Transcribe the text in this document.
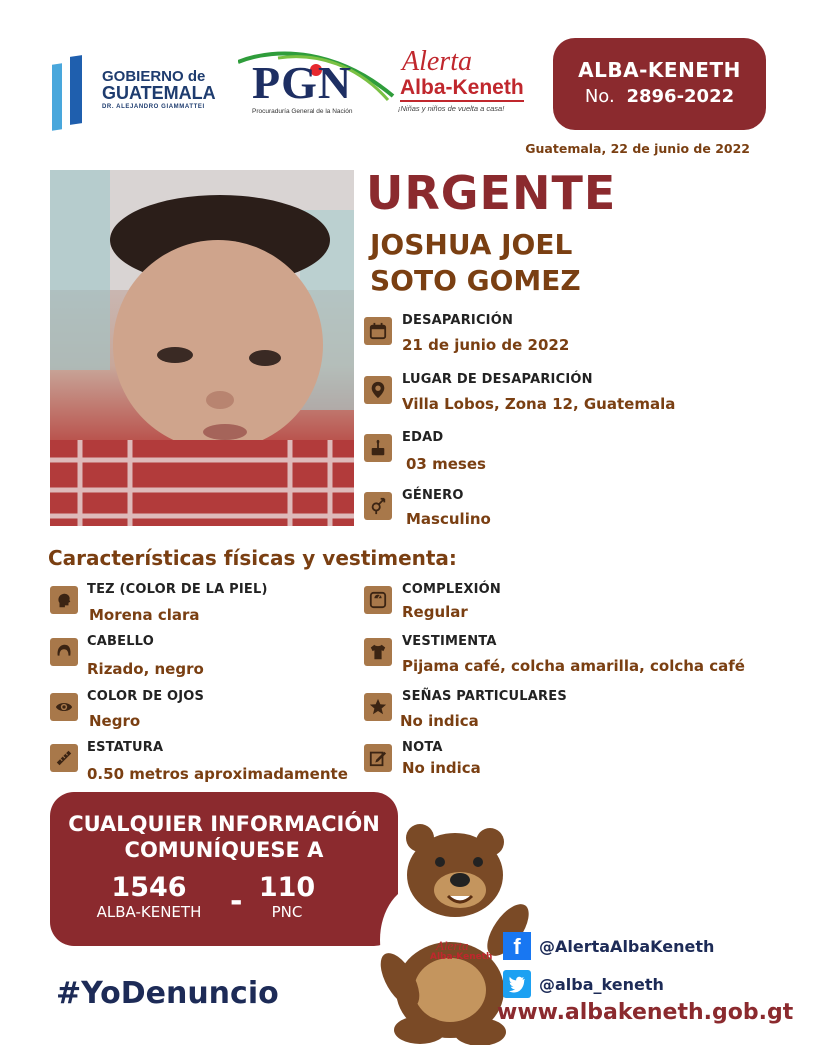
GOBIERNO de
GUATEMALA
DR. ALEJANDRO GIAMMATTEI PGN
Procuraduría General de la Nación
Alerta
Alba-Keneth
¡Niñas y niños de vuelta a casa!
ALBA-KENETH
No. 2896-2022
Guatemala, 22 de junio de 2022
URGENTE
JOSHUA JOEL
SOTO GOMEZ
DESAPARICIÓN
21 de junio de 2022
LUGAR DE DESAPARICIÓN
Villa Lobos, Zona 12, Guatemala
EDAD
03 meses
GÉNERO
Masculino
Características físicas y vestimenta:
TEZ (COLOR DE LA PIEL)
Morena clara
CABELLO
Rizado, negro
COLOR DE OJOS
Negro
ESTATURA
0.50 metros aproximadamente
COMPLEXIÓN
Regular
VESTIMENTA
Pijama café, colcha amarilla, colcha café
SEÑAS PARTICULARES
No indica
NOTA
No indica
CUALQUIER INFORMACIÓN
COMUNÍQUESE A
1546
ALBA-KENETH - 110
PNC
Alerta
Alba-Keneth
#YoDenuncio
f	@AlertaAlbaKeneth
@alba_keneth
www.albakeneth.gob.gt
